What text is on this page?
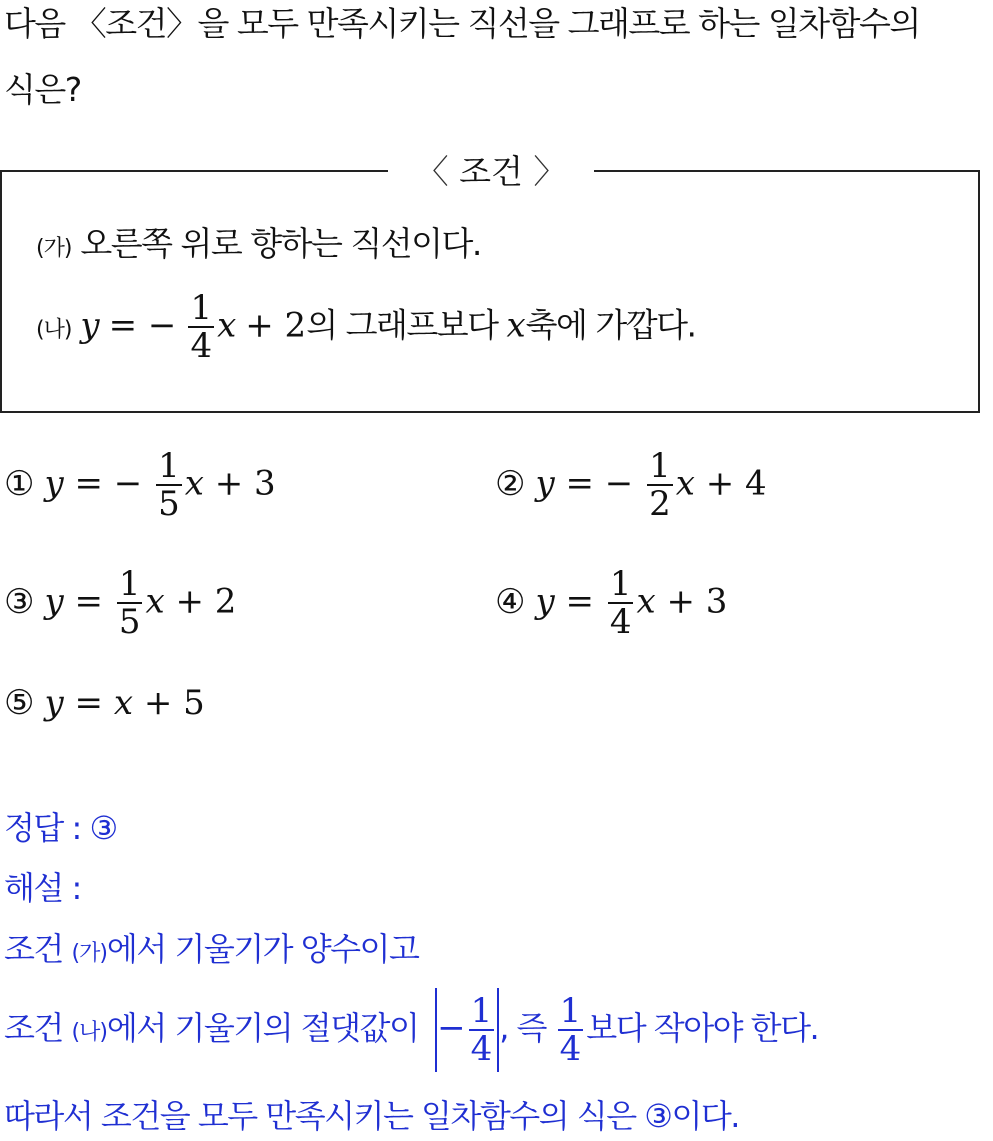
다음 〈조건〉을 모두 만족시키는 직선을 그래프로 하는 일차함수의
식은?
〈 조건 〉
(가) 오른쪽 위로 향하는 직선이다.
(나) y = − $\frac{1}{4}$ x + 2의 그래프보다 x축에 가깝다.
① y = − $\frac{1}{5}$ x + 3	② y = − $\frac{1}{2}$ x + 4
③ $y = \frac{1}{5}$ x + 2	④ $y = \frac{1}{4}$ x + 3
⑤ y = x + 5
정답 : ③
해설 :
조건 (가)에서 기울기가 양수이고
조건 (나)에서 기울기의 절댓값이 − $\frac{1}{4}$ , 즉 $\frac{1}{4}$ 보다 작아야 한다.
따라서 조건을 모두 만족시키는 일차함수의 식은 ③이다.
